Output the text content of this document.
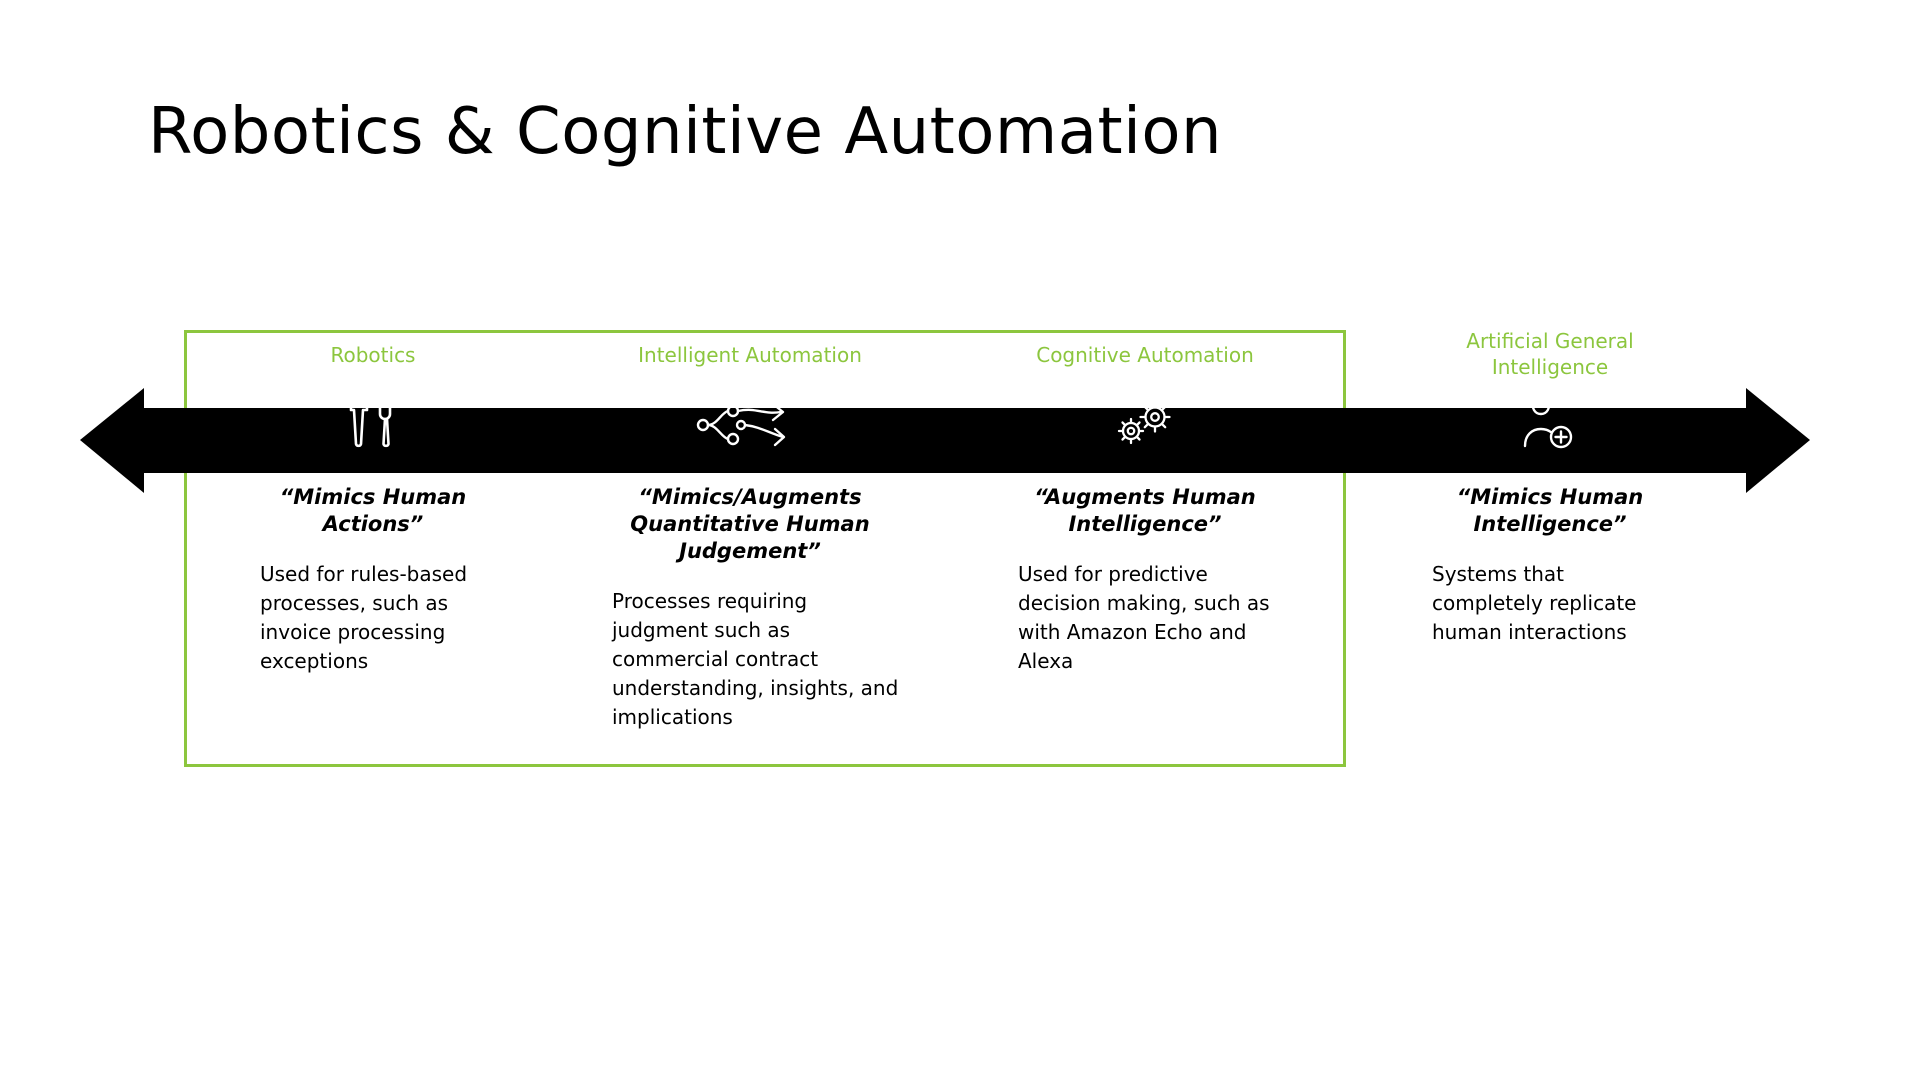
Robotics & Cognitive Automation
Robotics
“Mimics Human Actions”
Used for rules-based processes, such as invoice processing exceptions
Intelligent Automation
“Mimics/Augments Quantitative Human Judgement”
Processes requiring judgment such as commercial contract understanding, insights, and implications
Cognitive Automation
“Augments Human Intelligence”
Used for predictive decision making, such as with Amazon Echo and Alexa
Artificial General Intelligence
“Mimics Human Intelligence”
Systems that completely replicate human interactions
